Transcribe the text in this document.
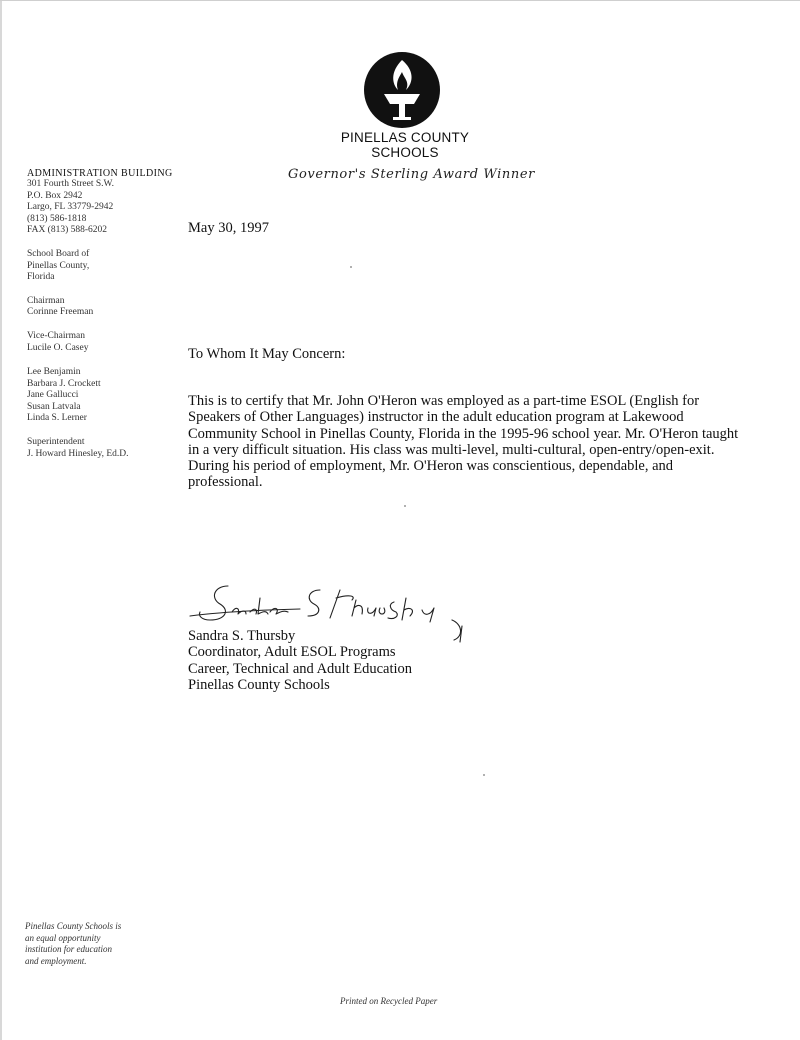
PINELLAS COUNTY
SCHOOLS
Governor's Sterling Award Winner
ADMINISTRATION BUILDING
301 Fourth Street S.W.
P.O. Box 2942
Largo, FL 33779-2942
(813) 586-1818
FAX (813) 588-6202
School Board of
Pinellas County,
Florida
Chairman
Corinne Freeman
Vice-Chairman
Lucile O. Casey
Lee Benjamin
Barbara J. Crockett
Jane Gallucci
Susan Latvala
Linda S. Lerner
Superintendent
J. Howard Hinesley, Ed.D.
May 30, 1997
To Whom It May Concern:

This is to certify that Mr. John O'Heron was employed as a part-time ESOL (English for Speakers of Other Languages) instructor in the adult education program at Lakewood Community School in Pinellas County, Florida in the 1995-96 school year. Mr. O'Heron taught in a very difficult situation. His class was multi-level, multi-cultural, open-entry/open-exit. During his period of employment, Mr. O'Heron was conscientious, dependable, and professional.

Sandra S. Thursby
Coordinator, Adult ESOL Programs
Career, Technical and Adult Education
Pinellas County Schools
Pinellas County Schools is
an equal opportunity
institution for education
and employment.
Printed on Recycled Paper
